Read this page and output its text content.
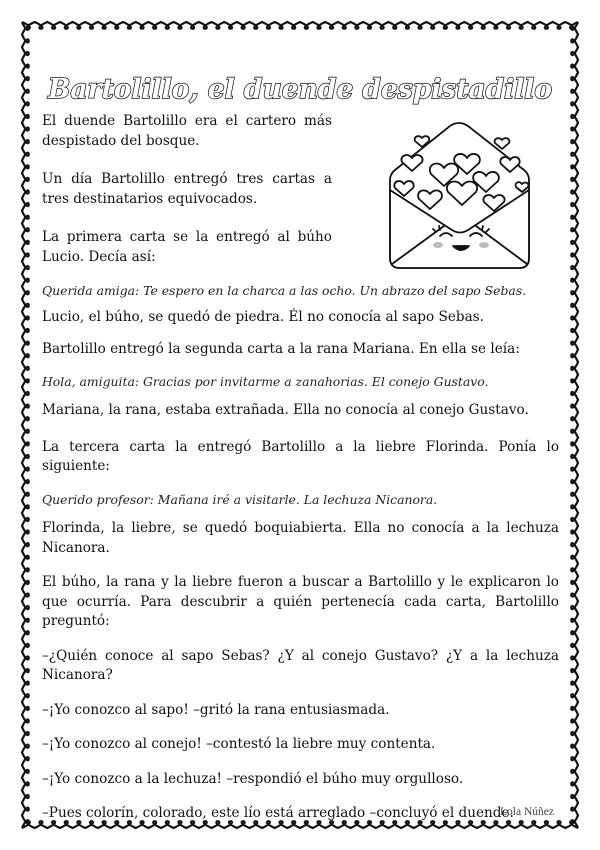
Bartolillo, el duende despistadillo

El duende Bartolillo era el cartero más despistado del bosque.

Un día Bartolillo entregó tres cartas a tres destinatarios equivocados.

La primera carta se la entregó al búho Lucio. Decía así:

Querida amiga: Te espero en la charca a las ocho. Un abrazo del sapo Sebas.

Lucio, el búho, se quedó de piedra. Él no conocía al sapo Sebas.

Bartolillo entregó la segunda carta a la rana Mariana. En ella se leía:

Hola, amiguita: Gracias por invitarme a zanahorias. El conejo Gustavo.

Mariana, la rana, estaba extrañada. Ella no conocía al conejo Gustavo.

La tercera carta la entregó Bartolillo a la liebre Florinda. Ponía lo siguiente:

Querido profesor: Mañana iré a visitarle. La lechuza Nicanora.

Florinda, la liebre, se quedó boquiabierta. Ella no conocía a la lechuza Nicanora.

El búho, la rana y la liebre fueron a buscar a Bartolillo y le explicaron lo que ocurría. Para descubrir a quién pertenecía cada carta, Bartolillo preguntó:

–¿Quién conoce al sapo Sebas? ¿Y al conejo Gustavo? ¿Y a la lechuza Nicanora?

–¡Yo conozco al sapo! –gritó la rana entusiasmada.

–¡Yo conozco al conejo! –contestó la liebre muy contenta.

–¡Yo conozco a la lechuza! –respondió el búho muy orgulloso.

–Pues colorín, colorado, este lío está arreglado –concluyó el duende.

Lola Núñez
